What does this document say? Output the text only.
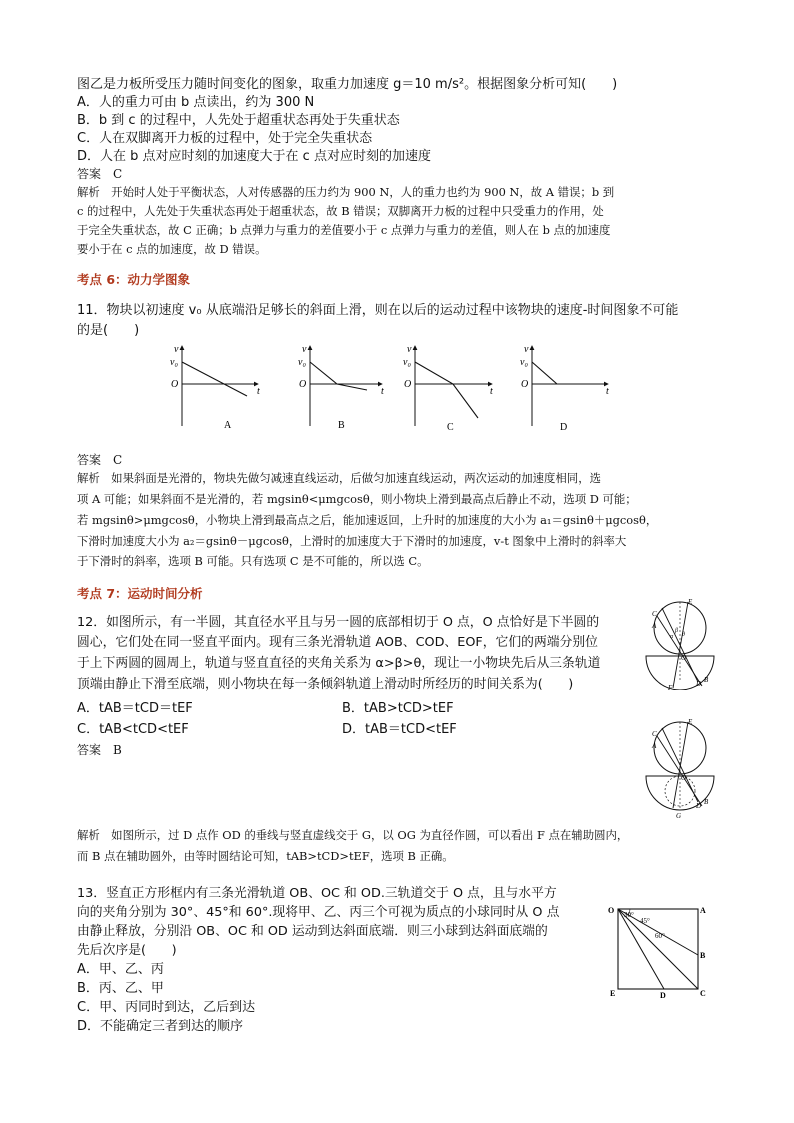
图乙是力板所受压力随时间变化的图象，取重力加速度 g＝10 m/s²。根据图象分析可知(　　)
A．人的重力可由 b 点读出，约为 300 N
B．b 到 c 的过程中，人先处于超重状态再处于失重状态
C．人在双脚离开力板的过程中，处于完全失重状态
D．人在 b 点对应时刻的加速度大于在 c 点对应时刻的加速度
答案　C
解析　开始时人处于平衡状态，人对传感器的压力约为 900 N，人的重力也约为 900 N，故 A 错误；b 到
c 的过程中，人先处于失重状态再处于超重状态，故 B 错误；双脚离开力板的过程中只受重力的作用，处
于完全失重状态，故 C 正确；b 点弹力与重力的差值要小于 c 点弹力与重力的差值，则人在 b 点的加速度
要小于在 c 点的加速度，故 D 错误。
考点 6：动力学图象
11．物块以初速度 v₀ 从底端沿足够长的斜面上滑，则在以后的运动过程中该物块的速度-时间图象不可能
的是(　　)
v
v₀
O
t
A
v
v₀
O
t
B
v
v₀
O
t
C
v
v₀
O
t
D
答案　C
解析　如果斜面是光滑的，物块先做匀减速直线运动，后做匀加速直线运动，两次运动的加速度相同，选
项 A 可能；如果斜面不是光滑的，若 mgsinθ<μmgcosθ，则小物块上滑到最高点后静止不动，选项 D 可能；
若 mgsinθ>μmgcosθ，小物块上滑到最高点之后，能加速返回，上升时的加速度的大小为 a₁＝gsinθ＋μgcosθ，
下滑时加速度大小为 a₂＝gsinθ－μgcosθ，上滑时的加速度大于下滑时的加速度，v-t 图象中上滑时的斜率大
于下滑时的斜率，选项 B 可能。只有选项 C 是不可能的，所以选 C。
考点 7：运动时间分析
12．如图所示，有一半圆，其直径水平且与另一圆的底部相切于 O 点，O 点恰好是下半圆的
圆心，它们处在同一竖直平面内。现有三条光滑轨道 AOB、COD、EOF，它们的两端分别位
于上下两圆的圆周上，轨道与竖直直径的夹角关系为 α>β>θ，现让一小物块先后从三条轨道
顶端由静止下滑至底端，则小物块在每一条倾斜轨道上滑动时所经历的时间关系为(　　)
A．tAB＝tCD＝tEF	B．tAB>tCD>tEF
C．tAB<tCD<tEF	D．tAB＝tCD<tEF
答案　B
C
A
E
β
α θ
O
F	D B
C
A
E
O
G
D B
解析　如图所示，过 D 点作 OD 的垂线与竖直虚线交于 G，以 OG 为直径作圆，可以看出 F 点在辅助圆内，
而 B 点在辅助圆外，由等时圆结论可知，tAB>tCD>tEF，选项 B 正确。
13．竖直正方形框内有三条光滑轨道 OB、OC 和 OD.三轨道交于 O 点，且与水平方
向的夹角分别为 30°、45°和 60°.现将甲、乙、丙三个可视为质点的小球同时从 O 点
由静止释放，分别沿 OB、OC 和 OD 运动到达斜面底端．则三小球到达斜面底端的
先后次序是(　　)
A．甲、乙、丙
B．丙、乙、甲
C．甲、丙同时到达，乙后到达
D．不能确定三者到达的顺序
30°
45°
60°
O	A
B
C
D
E
